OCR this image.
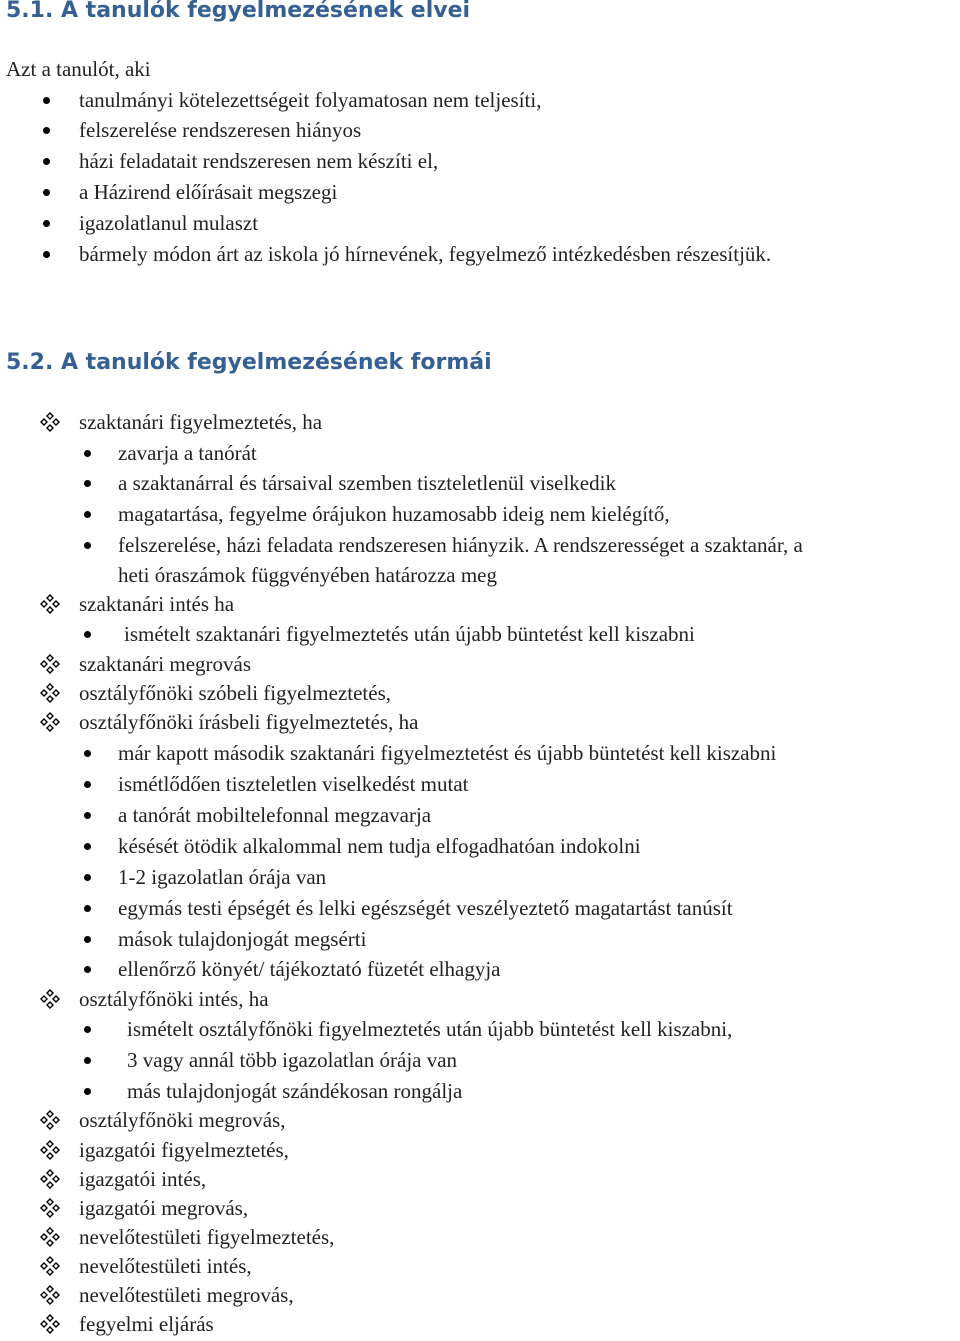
5.1. A tanulók fegyelmezésének elvei
Azt a tanulót, aki
tanulmányi kötelezettségeit folyamatosan nem teljesíti,
felszerelése rendszeresen hiányos
házi feladatait rendszeresen nem készíti el,
a Házirend előírásait megszegi
igazolatlanul mulaszt
bármely módon árt az iskola jó hírnevének, fegyelmező intézkedésben részesítjük.
5.2. A tanulók fegyelmezésének formái
szaktanári figyelmeztetés, ha
zavarja a tanórát
a szaktanárral és társaival szemben tiszteletlenül viselkedik
magatartása, fegyelme órájukon huzamosabb ideig nem kielégítő,
felszerelése, házi feladata rendszeresen hiányzik. A rendszerességet a szaktanár, a
heti óraszámok függvényében határozza meg
szaktanári intés ha
ismételt szaktanári figyelmeztetés után újabb büntetést kell kiszabni
szaktanári megrovás
osztályfőnöki szóbeli figyelmeztetés,
osztályfőnöki írásbeli figyelmeztetés, ha
már kapott második szaktanári figyelmeztetést és újabb büntetést kell kiszabni
ismétlődően tiszteletlen viselkedést mutat
a tanórát mobiltelefonnal megzavarja
késését ötödik alkalommal nem tudja elfogadhatóan indokolni
1-2 igazolatlan órája van
egymás testi épségét és lelki egészségét veszélyeztető magatartást tanúsít
mások tulajdonjogát megsérti
ellenőrző könyét/ tájékoztató füzetét elhagyja
osztályfőnöki intés, ha
ismételt osztályfőnöki figyelmeztetés után újabb büntetést kell kiszabni,
3 vagy annál több igazolatlan órája van
más tulajdonjogát szándékosan rongálja
osztályfőnöki megrovás,
igazgatói figyelmeztetés,
igazgatói intés,
igazgatói megrovás,
nevelőtestületi figyelmeztetés,
nevelőtestületi intés,
nevelőtestületi megrovás,
fegyelmi eljárás
